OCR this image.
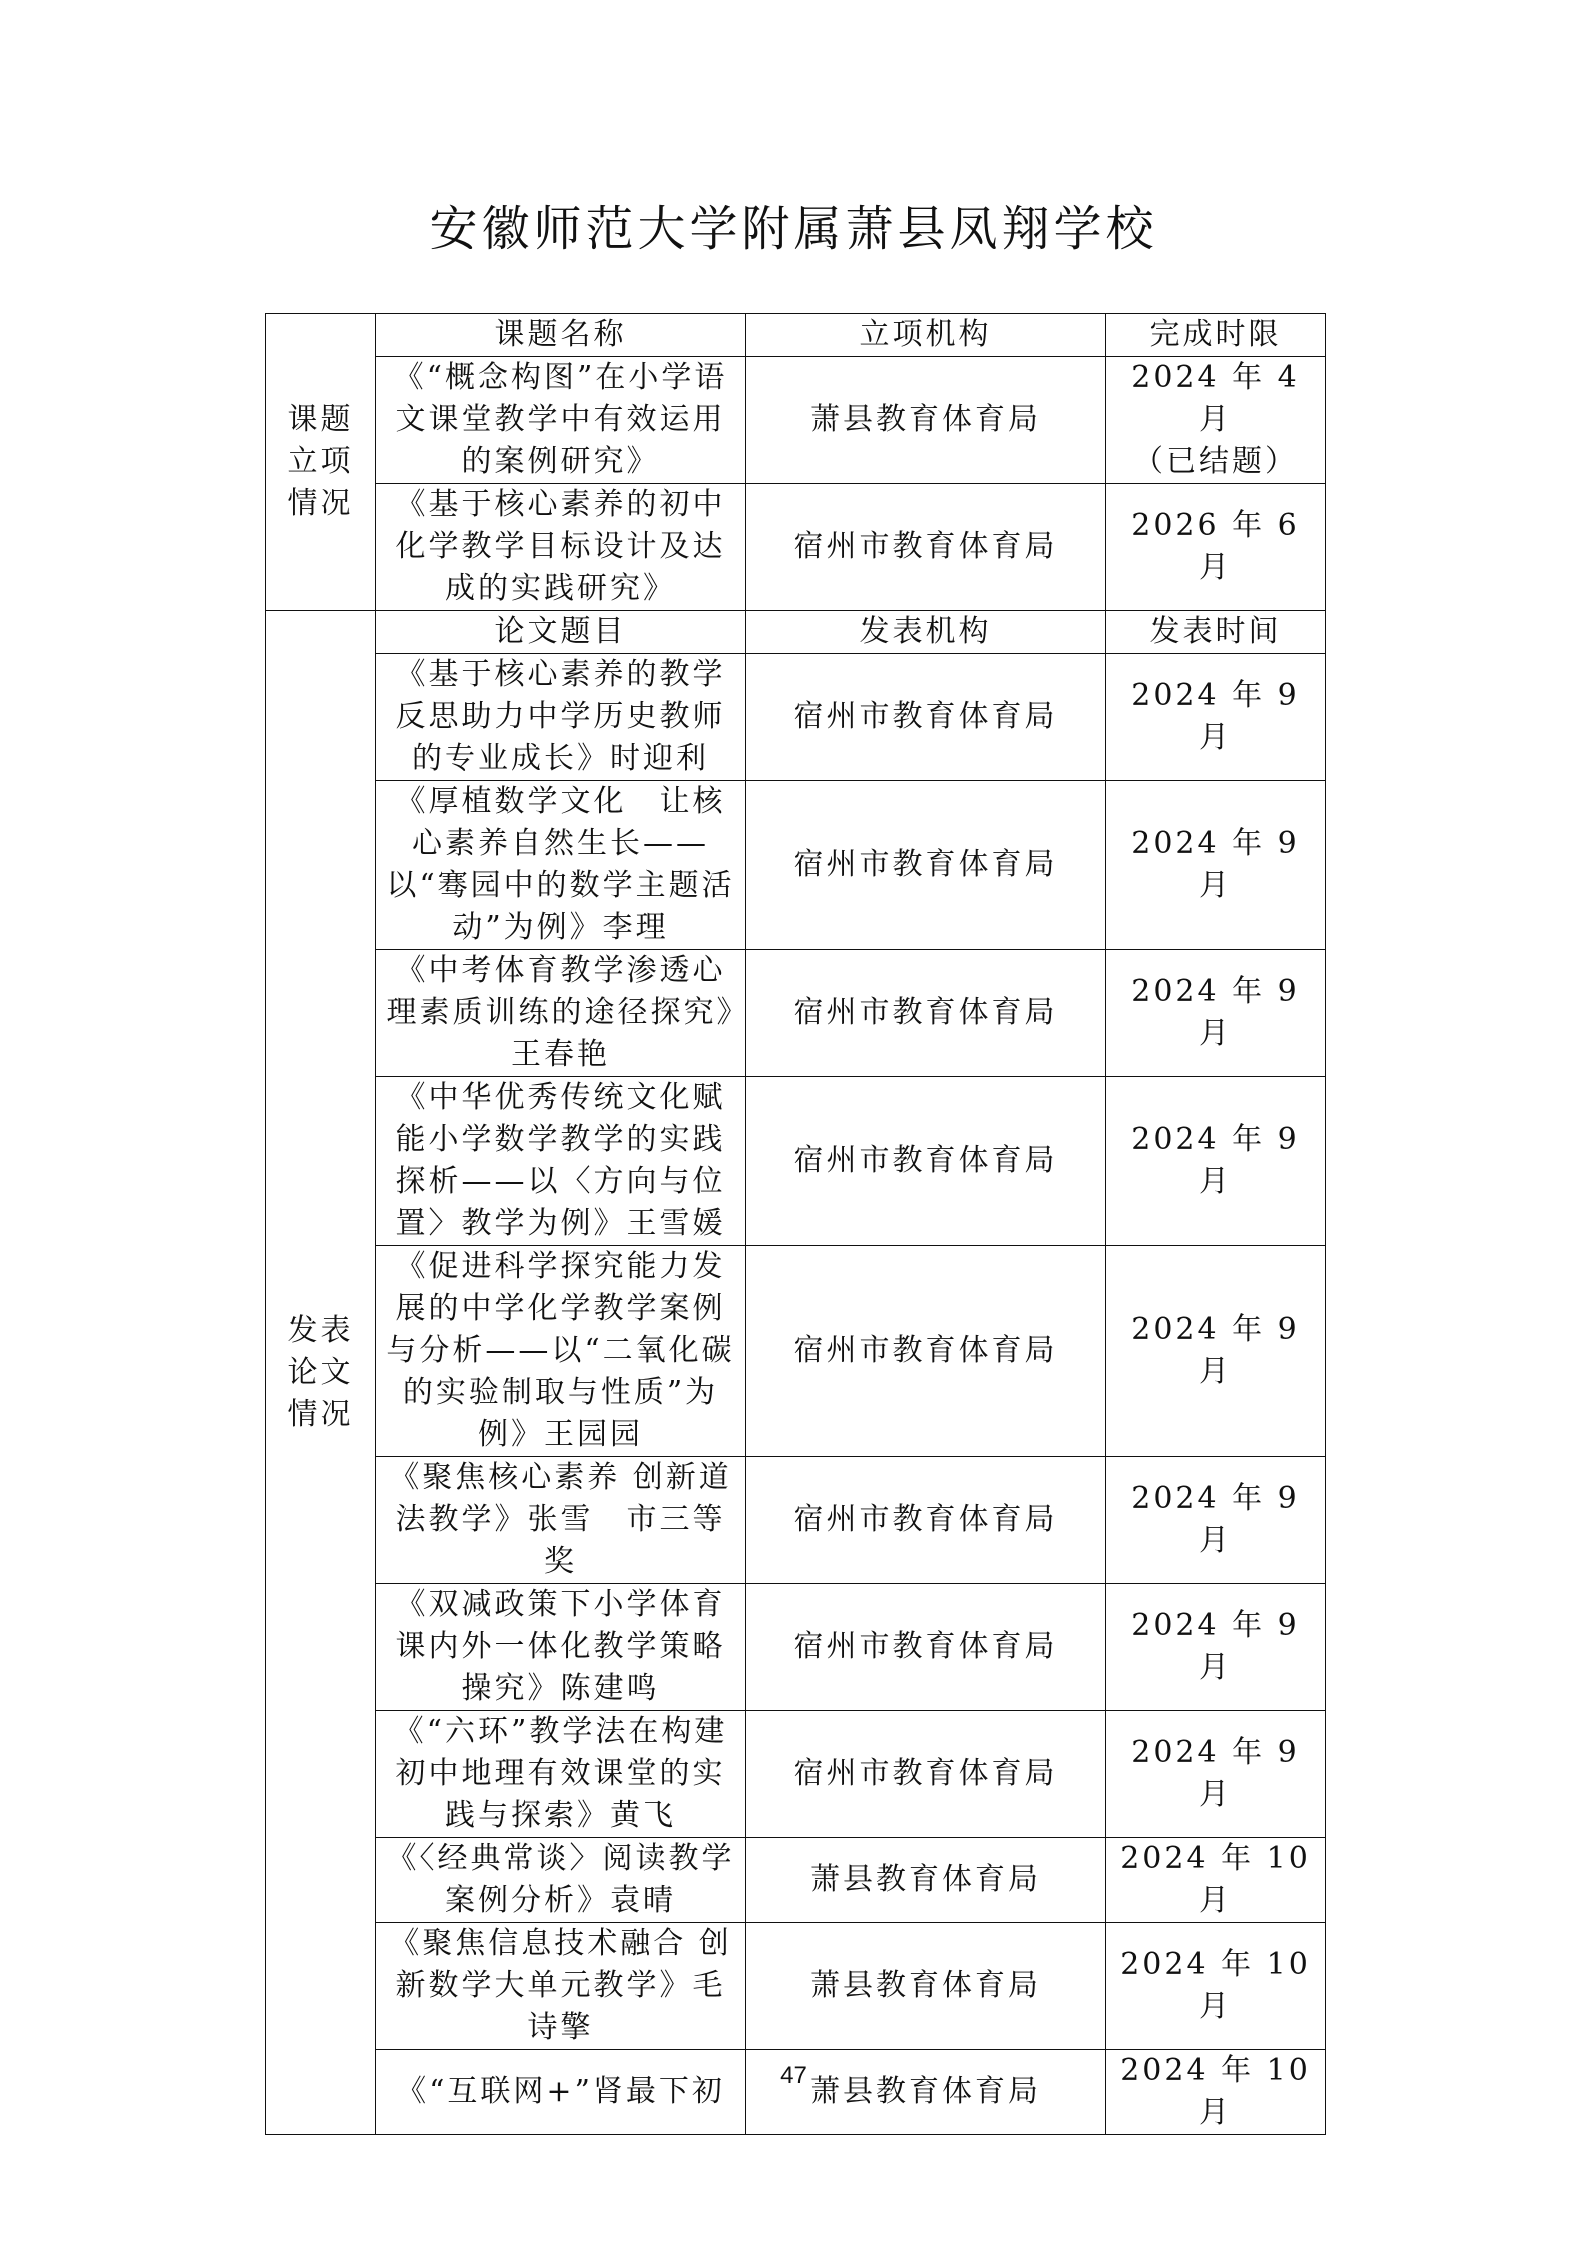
安徽师范大学附属萧县凤翔学校
课题
立项
情况	课题名称	立项机构	完成时限
	《“概念构图”在小学语文课堂教学中有效运用的案例研究》	萧县教育体育局	2024 年 4 月
（已结题）
	《基于核心素养的初中化学教学目标设计及达成的实践研究》	宿州市教育体育局	2026 年 6 月
发表
论文
情况	论文题目	发表机构	发表时间
	《基于核心素养的教学反思助力中学历史教师的专业成长》时迎利	宿州市教育体育局	2024 年 9 月
	《厚植数学文化　让核心素养自然生长——以“骞园中的数学主题活动”为例》李理	宿州市教育体育局	2024 年 9 月
	《中考体育教学渗透心理素质训练的途径探究》王春艳	宿州市教育体育局	2024 年 9 月
	《中华优秀传统文化赋能小学数学教学的实践探析——以〈方向与位置〉教学为例》王雪媛	宿州市教育体育局	2024 年 9 月
	《促进科学探究能力发展的中学化学教学案例与分析——以“二氧化碳的实验制取与性质”为例》王园园	宿州市教育体育局	2024 年 9 月
	《聚焦核心素养 创新道法教学》张雪　市三等奖	宿州市教育体育局	2024 年 9 月
	《双减政策下小学体育课内外一体化教学策略操究》陈建鸣	宿州市教育体育局	2024 年 9 月
	《“六环”教学法在构建初中地理有效课堂的实践与探索》黄飞	宿州市教育体育局	2024 年 9 月
	《〈经典常谈〉阅读教学案例分析》袁晴	萧县教育体育局	2024 年 10 月
	《聚焦信息技术融合 创新数学大单元教学》毛诗擎	萧县教育体育局	2024 年 10 月
	《“互联网+”肾最下初	萧县教育体育局	2024 年 10 月
47
